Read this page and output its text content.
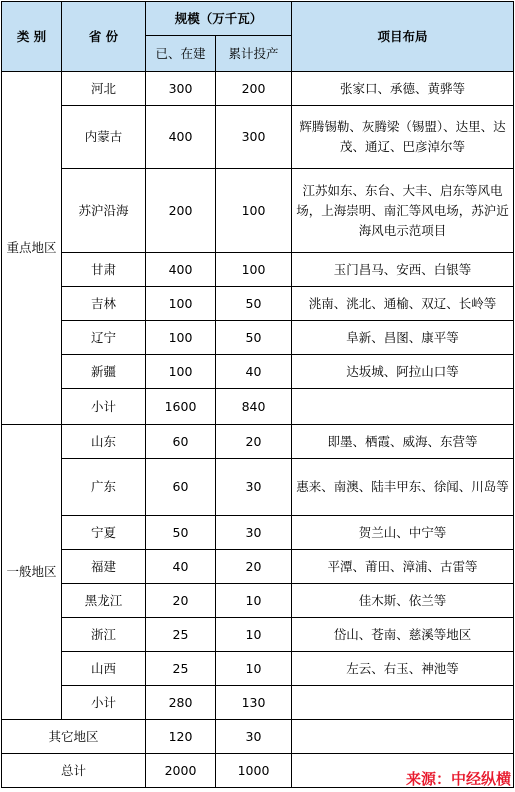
类 别	省 份	规模（万千瓦）		项目布局
		已、在建	累计投产	
重点地区	河北	300	200	张家口、承德、黄骅等
	内蒙古	400	300	辉腾锡勒、灰腾梁（锡盟）、达里、达茂、通辽、巴彦淖尔等
	苏沪沿海	200	100	江苏如东、东台、大丰、启东等风电场，上海崇明、南汇等风电场，苏沪近海风电示范项目
	甘肃	400	100	玉门昌马、安西、白银等
	吉林	100	50	洮南、洮北、通榆、双辽、长岭等
	辽宁	100	50	阜新、昌图、康平等
	新疆	100	40	达坂城、阿拉山口等
	小计	1600	840	
一般地区	山东	60	20	即墨、栖霞、威海、东营等
	广东	60	30	惠来、南澳、陆丰甲东、徐闻、川岛等
	宁夏	50	30	贺兰山、中宁等
	福建	40	20	平潭、莆田、漳浦、古雷等
	黑龙江	20	10	佳木斯、依兰等
	浙江	25	10	岱山、苍南、慈溪等地区
	山西	25	10	左云、右玉、神池等
	小计	280	130	
其它地区		120	30	
总计		2000	1000		来源：中经纵横
